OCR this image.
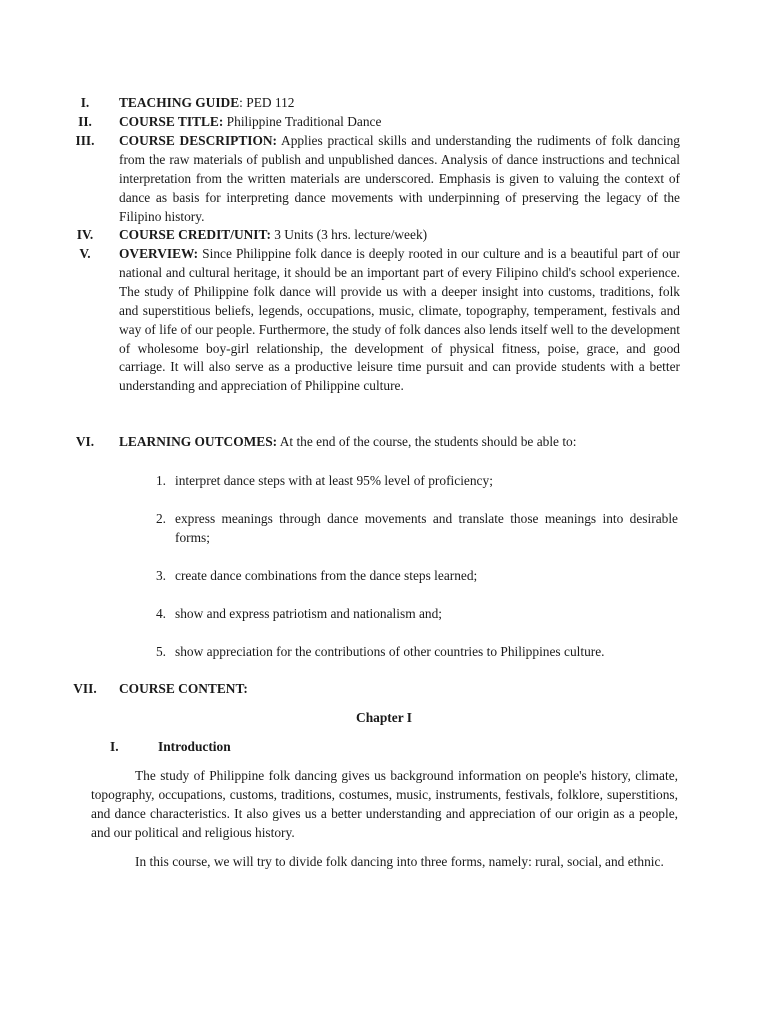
I.	TEACHING GUIDE: PED 112
II.	COURSE TITLE: Philippine Traditional Dance
III.	COURSE DESCRIPTION: Applies practical skills and understanding the rudiments of folk dancing from the raw materials of publish and unpublished dances. Analysis of dance instructions and technical interpretation from the written materials are underscored. Emphasis is given to valuing the context of dance as basis for interpreting dance movements with underpinning of preserving the legacy of the Filipino history.
IV.	COURSE CREDIT/UNIT: 3 Units (3 hrs. lecture/week)
V.	OVERVIEW: Since Philippine folk dance is deeply rooted in our culture and is a beautiful part of our national and cultural heritage, it should be an important part of every Filipino child's school experience. The study of Philippine folk dance will provide us with a deeper insight into customs, traditions, folk and superstitious beliefs, legends, occupations, music, climate, topography, temperament, festivals and way of life of our people. Furthermore, the study of folk dances also lends itself well to the development of wholesome boy-girl relationship, the development of physical fitness, poise, grace, and good carriage. It will also serve as a productive leisure time pursuit and can provide students with a better understanding and appreciation of Philippine culture.
VI.	LEARNING OUTCOMES: At the end of the course, the students should be able to:
1. interpret dance steps with at least 95% level of proficiency;
2. express meanings through dance movements and translate those meanings into desirable forms;
3. create dance combinations from the dance steps learned;
4. show and express patriotism and nationalism and;
5. show appreciation for the contributions of other countries to Philippines culture.
VII. COURSE CONTENT:
Chapter I
I.	Introduction
The study of Philippine folk dancing gives us background information on people's history, climate, topography, occupations, customs, traditions, costumes, music, instruments, festivals, folklore, superstitions, and dance characteristics. It also gives us a better understanding and appreciation of our origin as a people, and our political and religious history.
In this course, we will try to divide folk dancing into three forms, namely: rural, social, and ethnic.
